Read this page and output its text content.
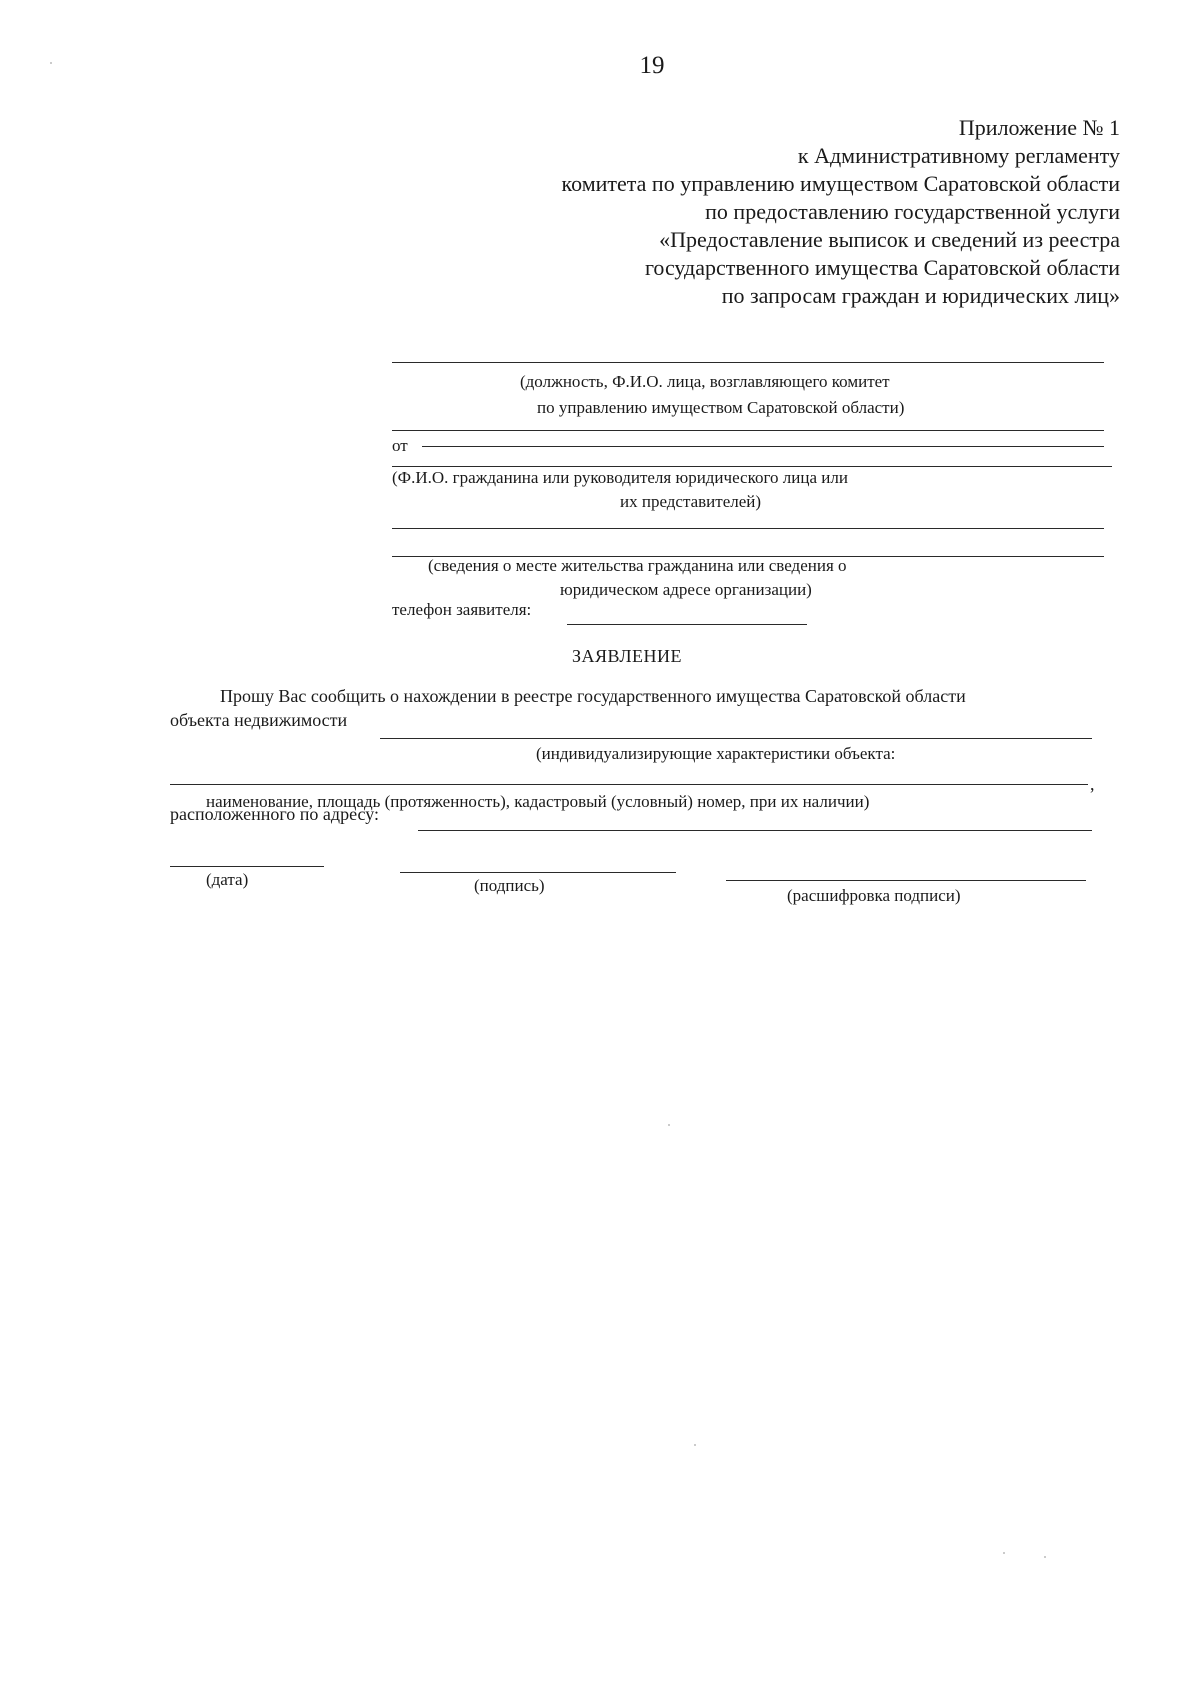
19
Приложение № 1
к Административному регламенту
комитета по управлению имуществом Саратовской области
по предоставлению государственной услуги
«Предоставление выписок и сведений из реестра
государственного имущества Саратовской области
по запросам граждан и юридических лиц»
(должность, Ф.И.О. лица, возглавляющего комитет
по управлению имуществом Саратовской области)
от
(Ф.И.О. гражданина или руководителя юридического лица или
их представителей)
(сведения о месте жительства гражданина или сведения о
юридическом адресе организации)
телефон заявителя:
ЗАЯВЛЕНИЕ
Прошу Вас сообщить о нахождении в реестре государственного имущества Саратовской области
объекта недвижимости
(индивидуализирующие характеристики объекта:
,
наименование, площадь (протяженность), кадастровый (условный) номер, при их наличии)
расположенного по адресу:
(дата)	(подпись)
(расшифровка подписи)
